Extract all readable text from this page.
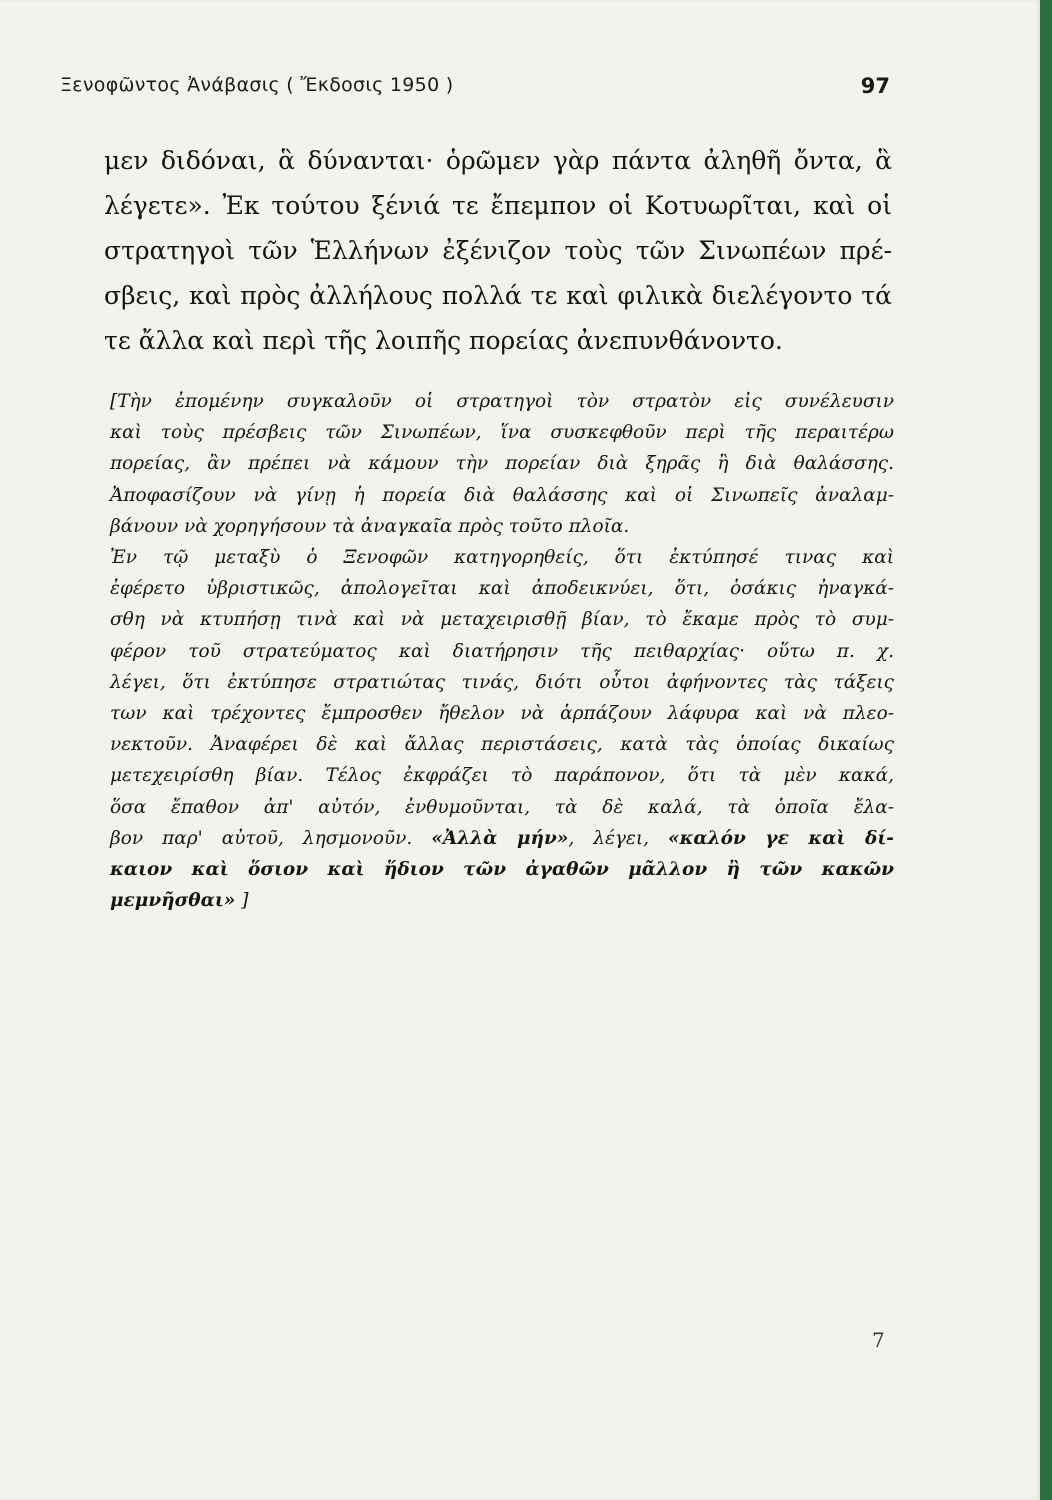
Ξενοφῶντος Ἀνάβασις ( Ἔκδοσις 1950 )	97
μεν διδόναι, ἃ δύνανται· ὁρῶμεν γὰρ πάντα ἀληθῆ ὄντα, ἃ
λέγετε». Ἐκ τούτου ξένιά τε ἔπεμπον οἱ Κοτυωρῖται, καὶ οἱ
στρατηγοὶ τῶν Ἑλλήνων ἐξένιζον τοὺς τῶν Σινωπέων πρέ-
σβεις, καὶ πρὸς ἀλλήλους πολλά τε καὶ φιλικὰ διελέγοντο τά
τε ἄλλα καὶ περὶ τῆς λοιπῆς πορείας ἀνεπυνθάνοντο.
[Τὴν ἐπομένην συγκαλοῦν οἱ στρατηγοὶ τὸν στρατὸν εἰς συνέλευσιν
καὶ τοὺς πρέσβεις τῶν Σινωπέων, ἵνα συσκεφθοῦν περὶ τῆς περαιτέρω
πορείας, ἂν πρέπει νὰ κάμουν τὴν πορείαν διὰ ξηρᾶς ἢ διὰ θαλάσσης.
Ἀποφασίζουν νὰ γίνῃ ἡ πορεία διὰ θαλάσσης καὶ οἱ Σινωπεῖς ἀναλαμ-
βάνουν νὰ χορηγήσουν τὰ ἀναγκαῖα πρὸς τοῦτο πλοῖα.
Ἐν τῷ μεταξὺ ὁ Ξενοφῶν κατηγορηθείς, ὅτι ἐκτύπησέ τινας καὶ
ἐφέρετο ὑβριστικῶς, ἀπολογεῖται καὶ ἀποδεικνύει, ὅτι, ὁσάκις ἠναγκά-
σθη νὰ κτυπήσῃ τινὰ καὶ νὰ μεταχειρισθῇ βίαν, τὸ ἔκαμε πρὸς τὸ συμ-
φέρον τοῦ στρατεύματος καὶ διατήρησιν τῆς πειθαρχίας· οὕτω π. χ.
λέγει, ὅτι ἐκτύπησε στρατιώτας τινάς, διότι οὗτοι ἀφήνοντες τὰς τάξεις
των καὶ τρέχοντες ἔμπροσθεν ἤθελον νὰ ἁρπάζουν λάφυρα καὶ νὰ πλεο-
νεκτοῦν. Ἀναφέρει δὲ καὶ ἄλλας περιστάσεις, κατὰ τὰς ὁποίας δικαίως
μετεχειρίσθη βίαν. Τέλος ἐκφράζει τὸ παράπονον, ὅτι τὰ μὲν κακά,
ὅσα ἔπαθον ἀπ' αὐτόν, ἐνθυμοῦνται, τὰ δὲ καλά, τὰ ὁποῖα ἔλα-
βον παρ' αὐτοῦ, λησμονοῦν. «Ἀλλὰ μήν», λέγει, «καλόν γε καὶ δί-
καιον καὶ ὅσιον καὶ ἥδιον τῶν ἀγαθῶν μᾶλλον ἢ τῶν κακῶν
μεμνῆσθαι» ]
7
